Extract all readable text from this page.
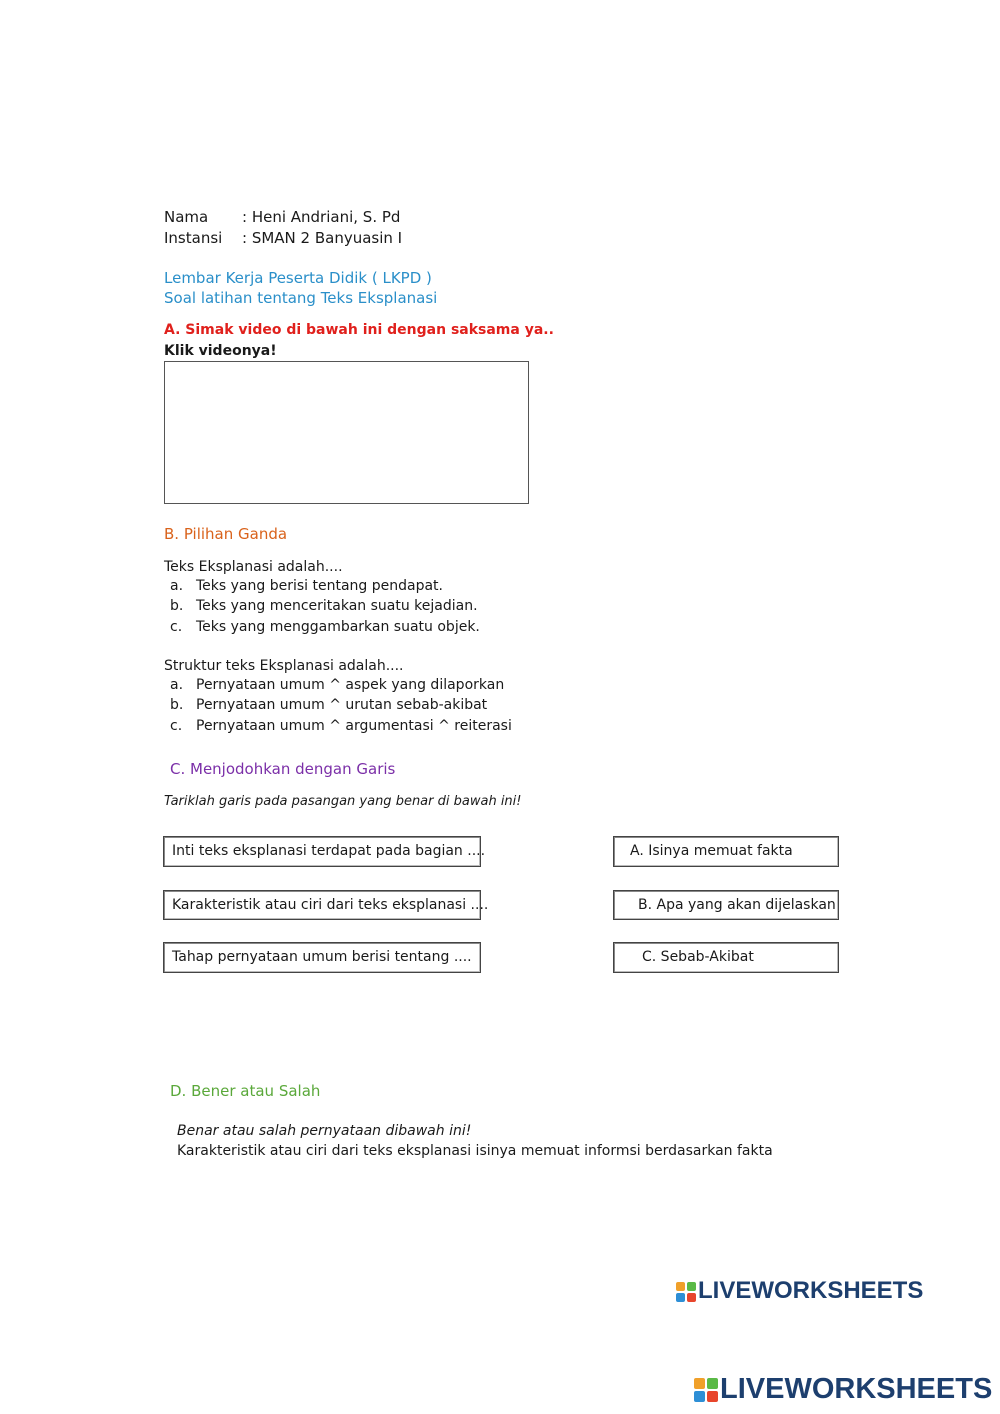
Nama : Heni Andriani, S. Pd
Instansi : SMAN 2 Banyuasin I
Lembar Kerja Peserta Didik ( LKPD )
Soal latihan tentang Teks Eksplanasi
A. Simak video di bawah ini dengan saksama ya..
Klik videonya!
B. Pilihan Ganda
Teks Eksplanasi adalah....
a. Teks yang berisi tentang pendapat.
b. Teks yang menceritakan suatu kejadian.
c. Teks yang menggambarkan suatu objek.
Struktur teks Eksplanasi adalah....
a. Pernyataan umum ^ aspek yang dilaporkan
b. Pernyataan umum ^ urutan sebab-akibat
c. Pernyataan umum ^ argumentasi ^ reiterasi
C. Menjodohkan dengan Garis
Tariklah garis pada pasangan yang benar di bawah ini!
Inti teks eksplanasi terdapat pada bagian ....
Karakteristik atau ciri dari teks eksplanasi ....
Tahap pernyataan umum berisi tentang ....
A. Isinya memuat fakta
B. Apa yang akan dijelaskan
C. Sebab-Akibat
D. Bener atau Salah
Benar atau salah pernyataan dibawah ini!
Karakteristik atau ciri dari teks eksplanasi isinya memuat informsi berdasarkan fakta
LIVEWORKSHEETS
LIVEWORKSHEETS
